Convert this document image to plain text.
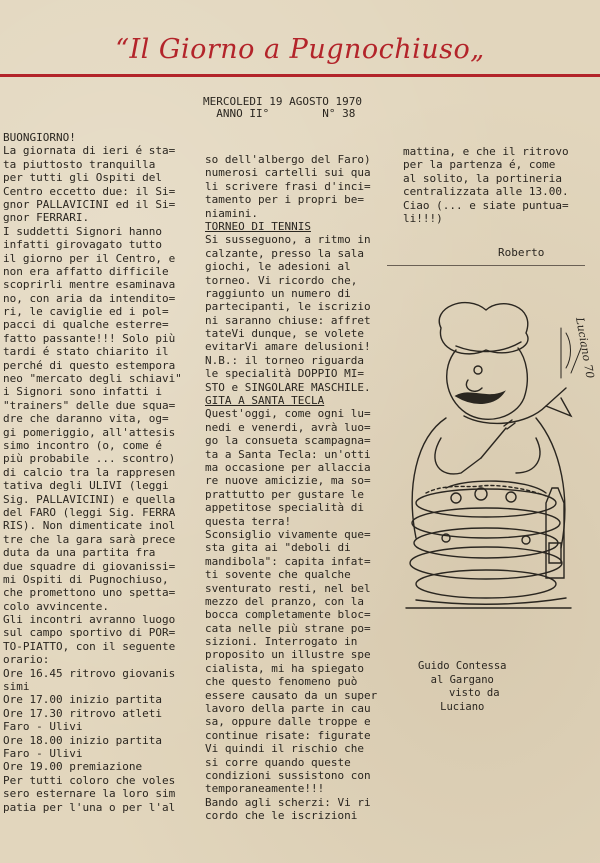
“Il Giorno a Pugnochiuso„
MERCOLEDI 19 AGOSTO 1970
ANNO II°	N° 38
BUONGIORNO!
La giornata di ieri é sta=
ta piuttosto tranquilla
per tutti gli Ospiti del
Centro eccetto due: il Si=
gnor PALLAVICINI ed il Si=
gnor FERRARI.
I suddetti Signori hanno
infatti girovagato tutto
il giorno per il Centro, e
non era affatto difficile
scoprirli mentre esaminava
no, con aria da intendito=
ri, le caviglie ed i pol=
pacci di qualche esterre=
fatto passante!!! Solo più
tardi é stato chiarito il
perché di questo estempora
neo "mercato degli schiavi"
i Signori sono infatti i
"trainers" delle due squa=
dre che daranno vita, og=
gi pomeriggio, all'attesis
simo incontro (o, come é
più probabile ... scontro)
di calcio tra la rappresen
tativa degli ULIVI (leggi
Sig. PALLAVICINI) e quella
del FARO (leggi Sig. FERRA
RIS). Non dimenticate inol
tre che la gara sarà prece
duta da una partita fra
due squadre di giovanissi=
mi Ospiti di Pugnochiuso,
che promettono uno spetta=
colo avvincente.
Gli incontri avranno luogo
sul campo sportivo di POR=
TO-PIATTO, con il seguente
orario:
Ore 16.45 ritrovo giovanis
simi
Ore 17.00 inizio partita
Ore 17.30 ritrovo atleti
Faro - Ulivi
Ore 18.00 inizio partita
Faro - Ulivi
Ore 19.00 premiazione
Per tutti coloro che voles
sero esternare la loro sim
patia per l'una o per l'al
so dell'albergo del Faro)
numerosi cartelli sui qua
li scrivere frasi d'inci=
tamento per i propri be=
niamini.
TORNEO DI TENNIS
Si susseguono, a ritmo in
calzante, presso la sala
giochi, le adesioni al
torneo. Vi ricordo che,
raggiunto un numero di
partecipanti, le iscrizio
ni saranno chiuse: affret
tateVi dunque, se volete
evitarVi amare delusioni!
N.B.: il torneo riguarda
le specialità DOPPIO MI=
STO e SINGOLARE MASCHILE.
GITA A SANTA TECLA
Quest'oggi, come ogni lu=
nedi e venerdi, avrà luo=
go la consueta scampagna=
ta a Santa Tecla: un'otti
ma occasione per allaccia
re nuove amicizie, ma so=
prattutto per gustare le
appetitose specialità di
questa terra!
Sconsiglio vivamente que=
sta gita ai "deboli di
mandibola": capita infat=
ti sovente che qualche
sventurato resti, nel bel
mezzo del pranzo, con la
bocca completamente bloc=
cata nelle più strane po=
sizioni. Interrogato in
proposito un illustre spe
cialista, mi ha spiegato
che questo fenomeno può
essere causato da un super
lavoro della parte in cau
sa, oppure dalle troppe e
continue risate: figurate
Vi quindi il rischio che
si corre quando queste
condizioni sussistono con
temporaneamente!!!
Bando agli scherzi: Vi ri
cordo che le iscrizioni
mattina, e che il ritrovo
per la partenza é, come
al solito, la portineria
centralizzata alle 13.00.
Ciao (... e siate puntua=
li!!!)
Roberto
Luciano 70
Guido Contessa
al Gargano
visto da
Luciano
